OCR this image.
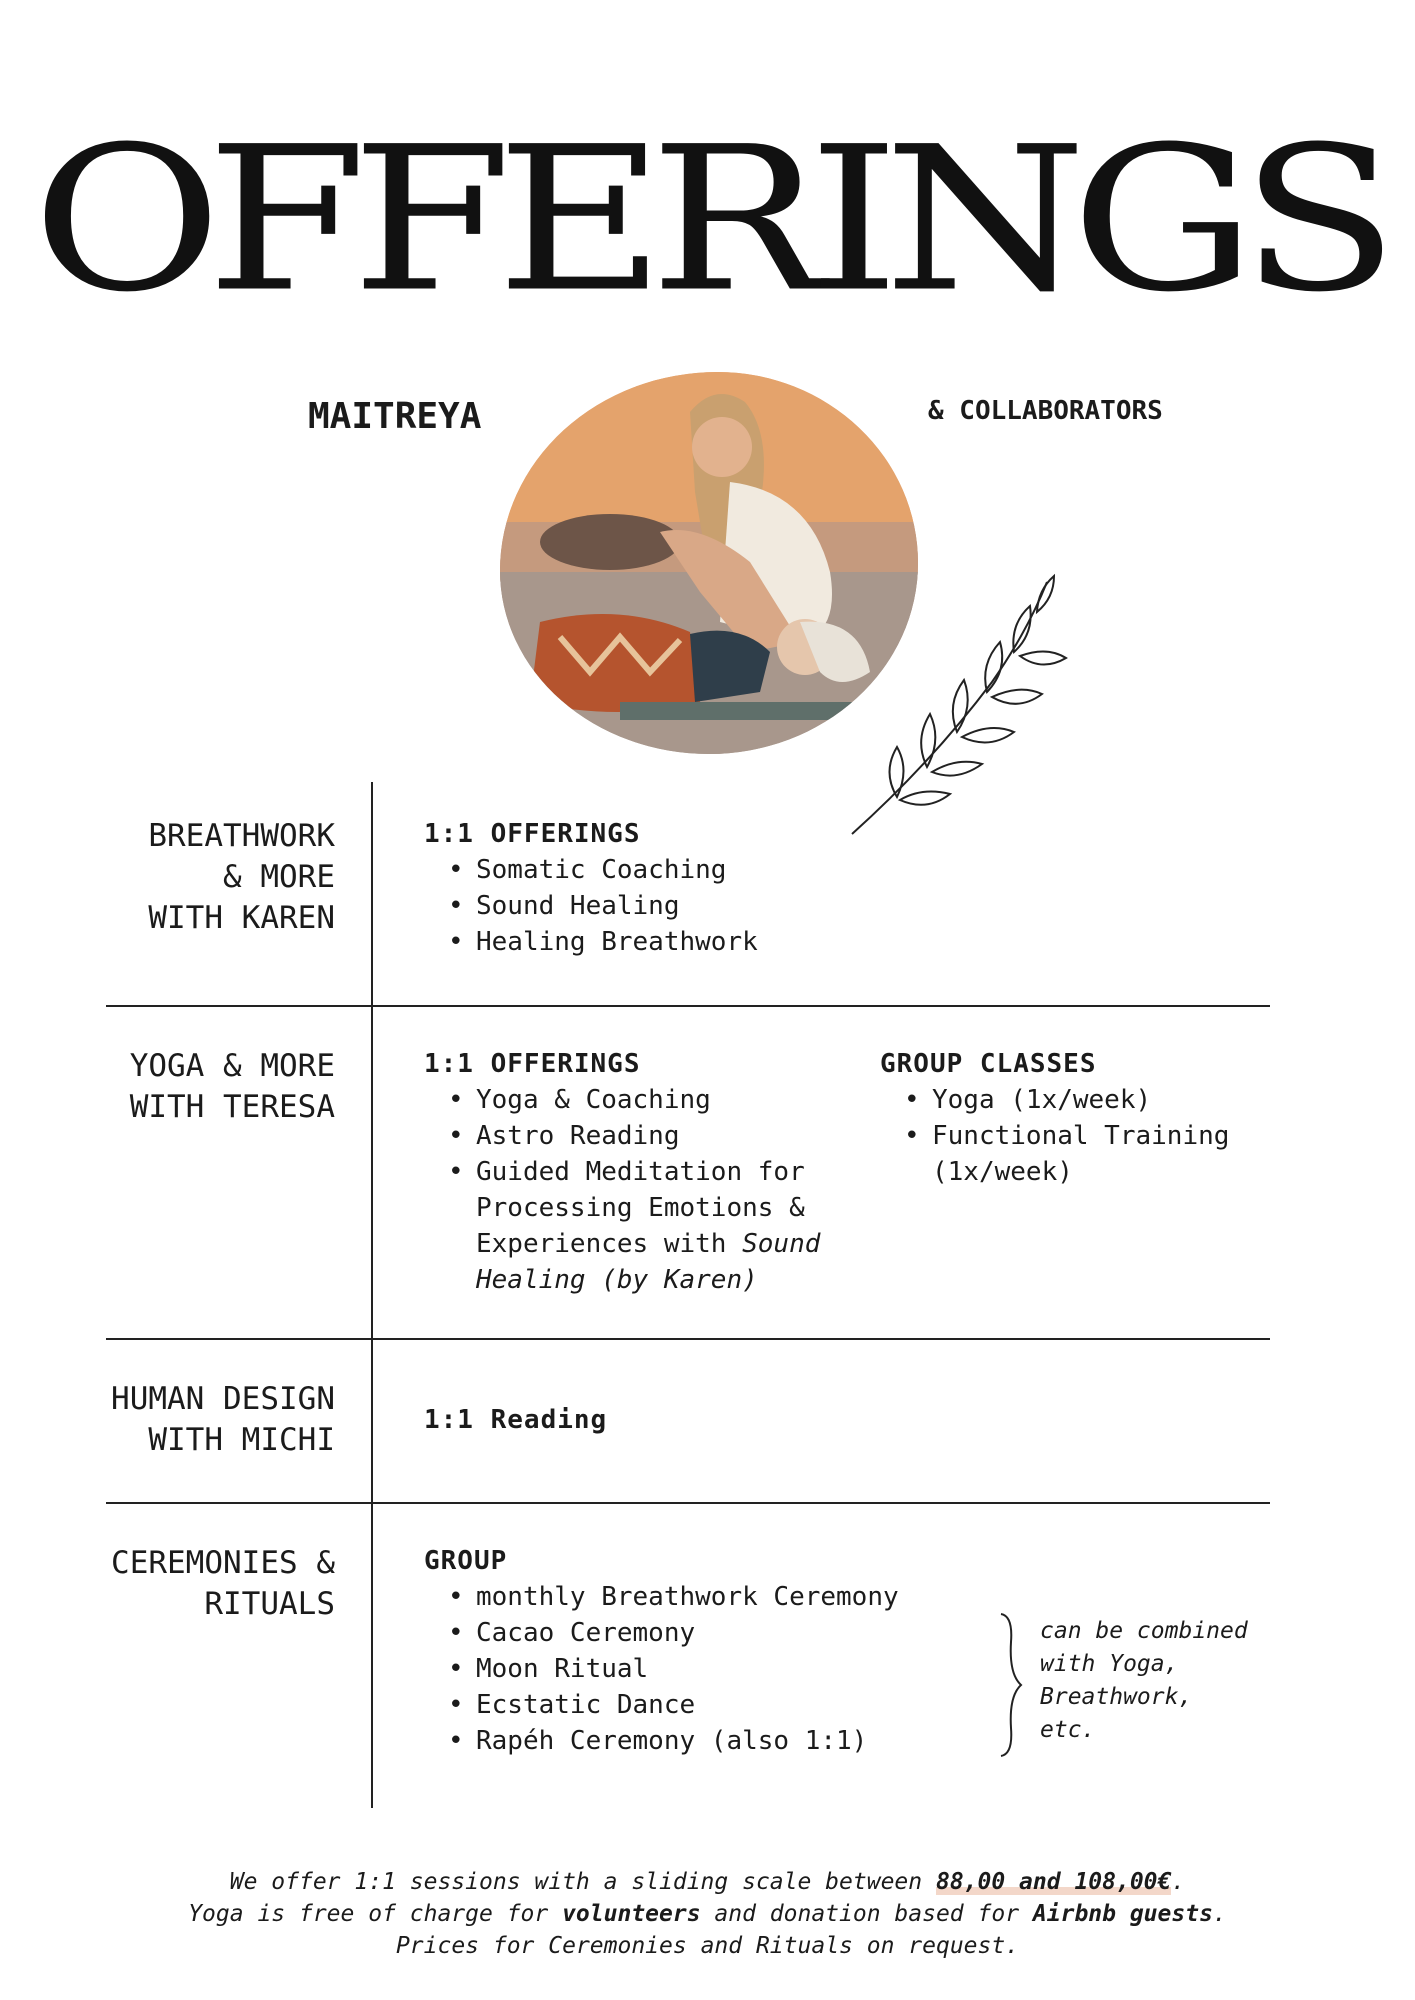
OFFERINGS
MAITREYA	& COLLABORATORS
BREATHWORK
& MORE
WITH KAREN
1:1 OFFERINGS
• Somatic Coaching
• Sound Healing
• Healing Breathwork
YOGA & MORE
WITH TERESA
1:1 OFFERINGS
• Yoga & Coaching
• Astro Reading
• Guided Meditation for Processing Emotions & Experiences with Sound Healing (by Karen)
GROUP CLASSES
• Yoga (1x/week)
• Functional Training (1x/week)
HUMAN DESIGN
WITH MICHI
1:1 Reading
CEREMONIES &
RITUALS
GROUP
• monthly Breathwork Ceremony
• Cacao Ceremony
• Moon Ritual
• Ecstatic Dance
• Rapéh Ceremony (also 1:1)
can be combined
with Yoga,
Breathwork,
etc.
We offer 1:1 sessions with a sliding scale between 88,00 and 108,00€.
Yoga is free of charge for volunteers and donation based for Airbnb guests.
Prices for Ceremonies and Rituals on request.
